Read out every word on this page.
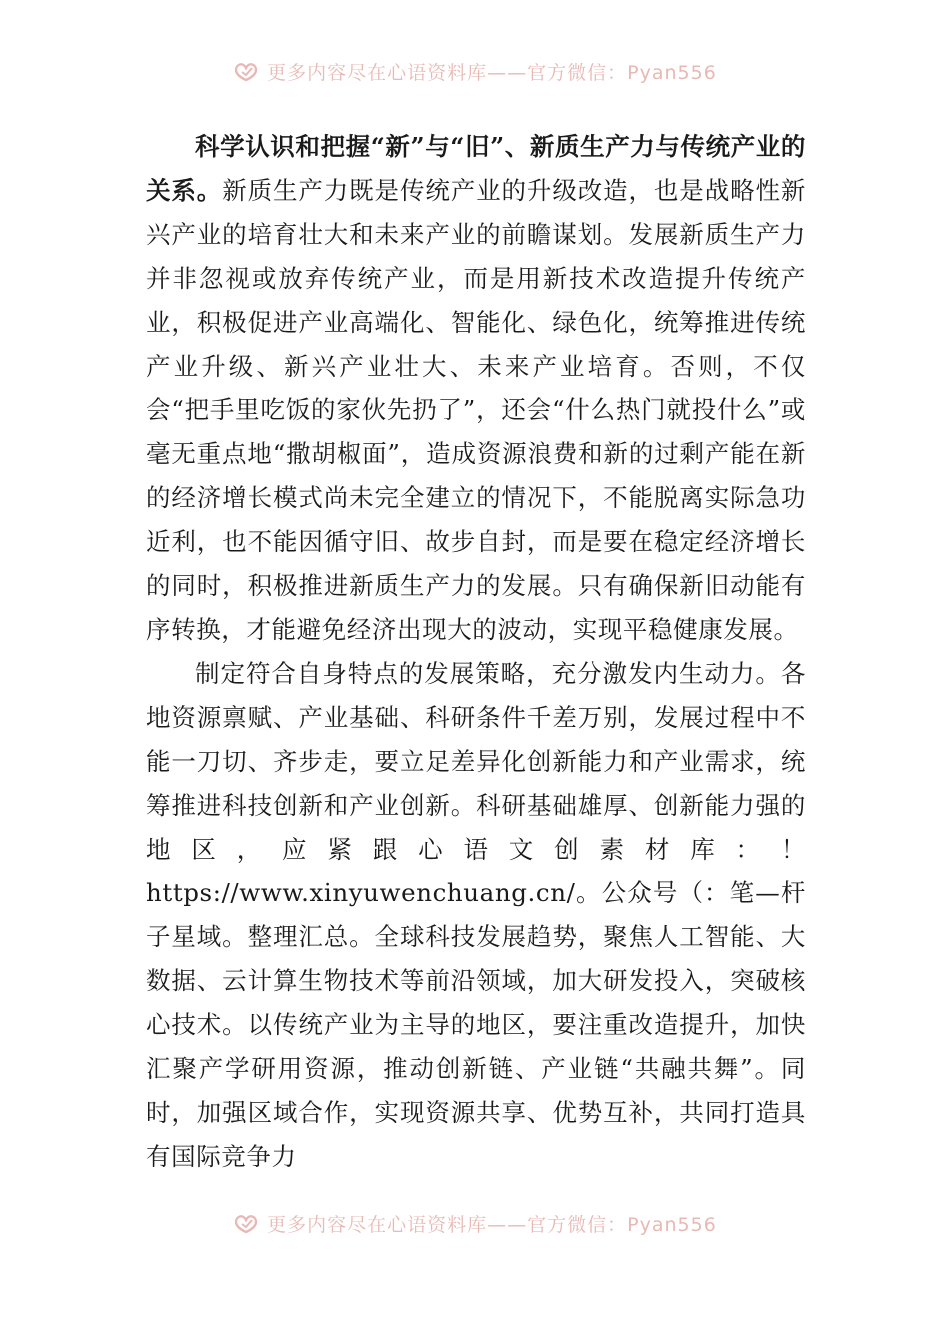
更多内容尽在心语资料库——官方微信：Pyan556

科学认识和把握“新”与“旧”、新质生产力与传统产业的关系。新质生产力既是传统产业的升级改造，也是战略性新兴产业的培育壮大和未来产业的前瞻谋划。发展新质生产力并非忽视或放弃传统产业，而是用新技术改造提升传统产业，积极促进产业高端化、智能化、绿色化，统筹推进传统产业升级、新兴产业壮大、未来产业培育。否则，不仅会“把手里吃饭的家伙先扔了”，还会“什么热门就投什么”或毫无重点地“撒胡椒面”，造成资源浪费和新的过剩产能在新的经济增长模式尚未完全建立的情况下，不能脱离实际急功近利，也不能因循守旧、故步自封，而是要在稳定经济增长的同时，积极推进新质生产力的发展。只有确保新旧动能有序转换，才能避免经济出现大的波动，实现平稳健康发展。

制定符合自身特点的发展策略，充分激发内生动力。各地资源禀赋、产业基础、科研条件千差万别，发展过程中不能一刀切、齐步走，要立足差异化创新能力和产业需求，统筹推进科技创新和产业创新。科研基础雄厚、创新能力强的地区，应紧跟心语文创素材库：！https://www.xinyuwenchuang.cn/。公众号（：笔—杆子星域。整理汇总。全球科技发展趋势，聚焦人工智能、大数据、云计算生物技术等前沿领域，加大研发投入，突破核心技术。以传统产业为主导的地区，要注重改造提升，加快汇聚产学研用资源，推动创新链、产业链“共融共舞”。同时，加强区域合作，实现资源共享、优势互补，共同打造具有国际竞争力

更多内容尽在心语资料库——官方微信：Pyan556
